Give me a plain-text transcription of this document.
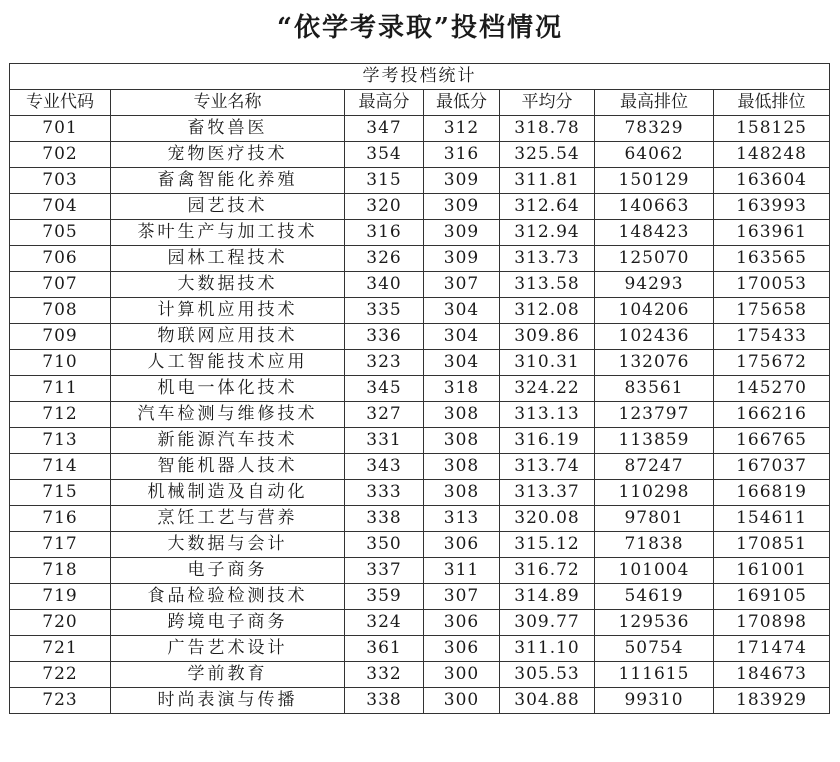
“依学考录取”投档情况
学考投档统计						
专业代码	专业名称	最高分	最低分	平均分	最高排位	最低排位
701	畜牧兽医	347	312	318.78	78329	158125
702	宠物医疗技术	354	316	325.54	64062	148248
703	畜禽智能化养殖	315	309	311.81	150129	163604
704	园艺技术	320	309	312.64	140663	163993
705	茶叶生产与加工技术	316	309	312.94	148423	163961
706	园林工程技术	326	309	313.73	125070	163565
707	大数据技术	340	307	313.58	94293	170053
708	计算机应用技术	335	304	312.08	104206	175658
709	物联网应用技术	336	304	309.86	102436	175433
710	人工智能技术应用	323	304	310.31	132076	175672
711	机电一体化技术	345	318	324.22	83561	145270
712	汽车检测与维修技术	327	308	313.13	123797	166216
713	新能源汽车技术	331	308	316.19	113859	166765
714	智能机器人技术	343	308	313.74	87247	167037
715	机械制造及自动化	333	308	313.37	110298	166819
716	烹饪工艺与营养	338	313	320.08	97801	154611
717	大数据与会计	350	306	315.12	71838	170851
718	电子商务	337	311	316.72	101004	161001
719	食品检验检测技术	359	307	314.89	54619	169105
720	跨境电子商务	324	306	309.77	129536	170898
721	广告艺术设计	361	306	311.10	50754	171474
722	学前教育	332	300	305.53	111615	184673
723	时尚表演与传播	338	300	304.88	99310	183929
